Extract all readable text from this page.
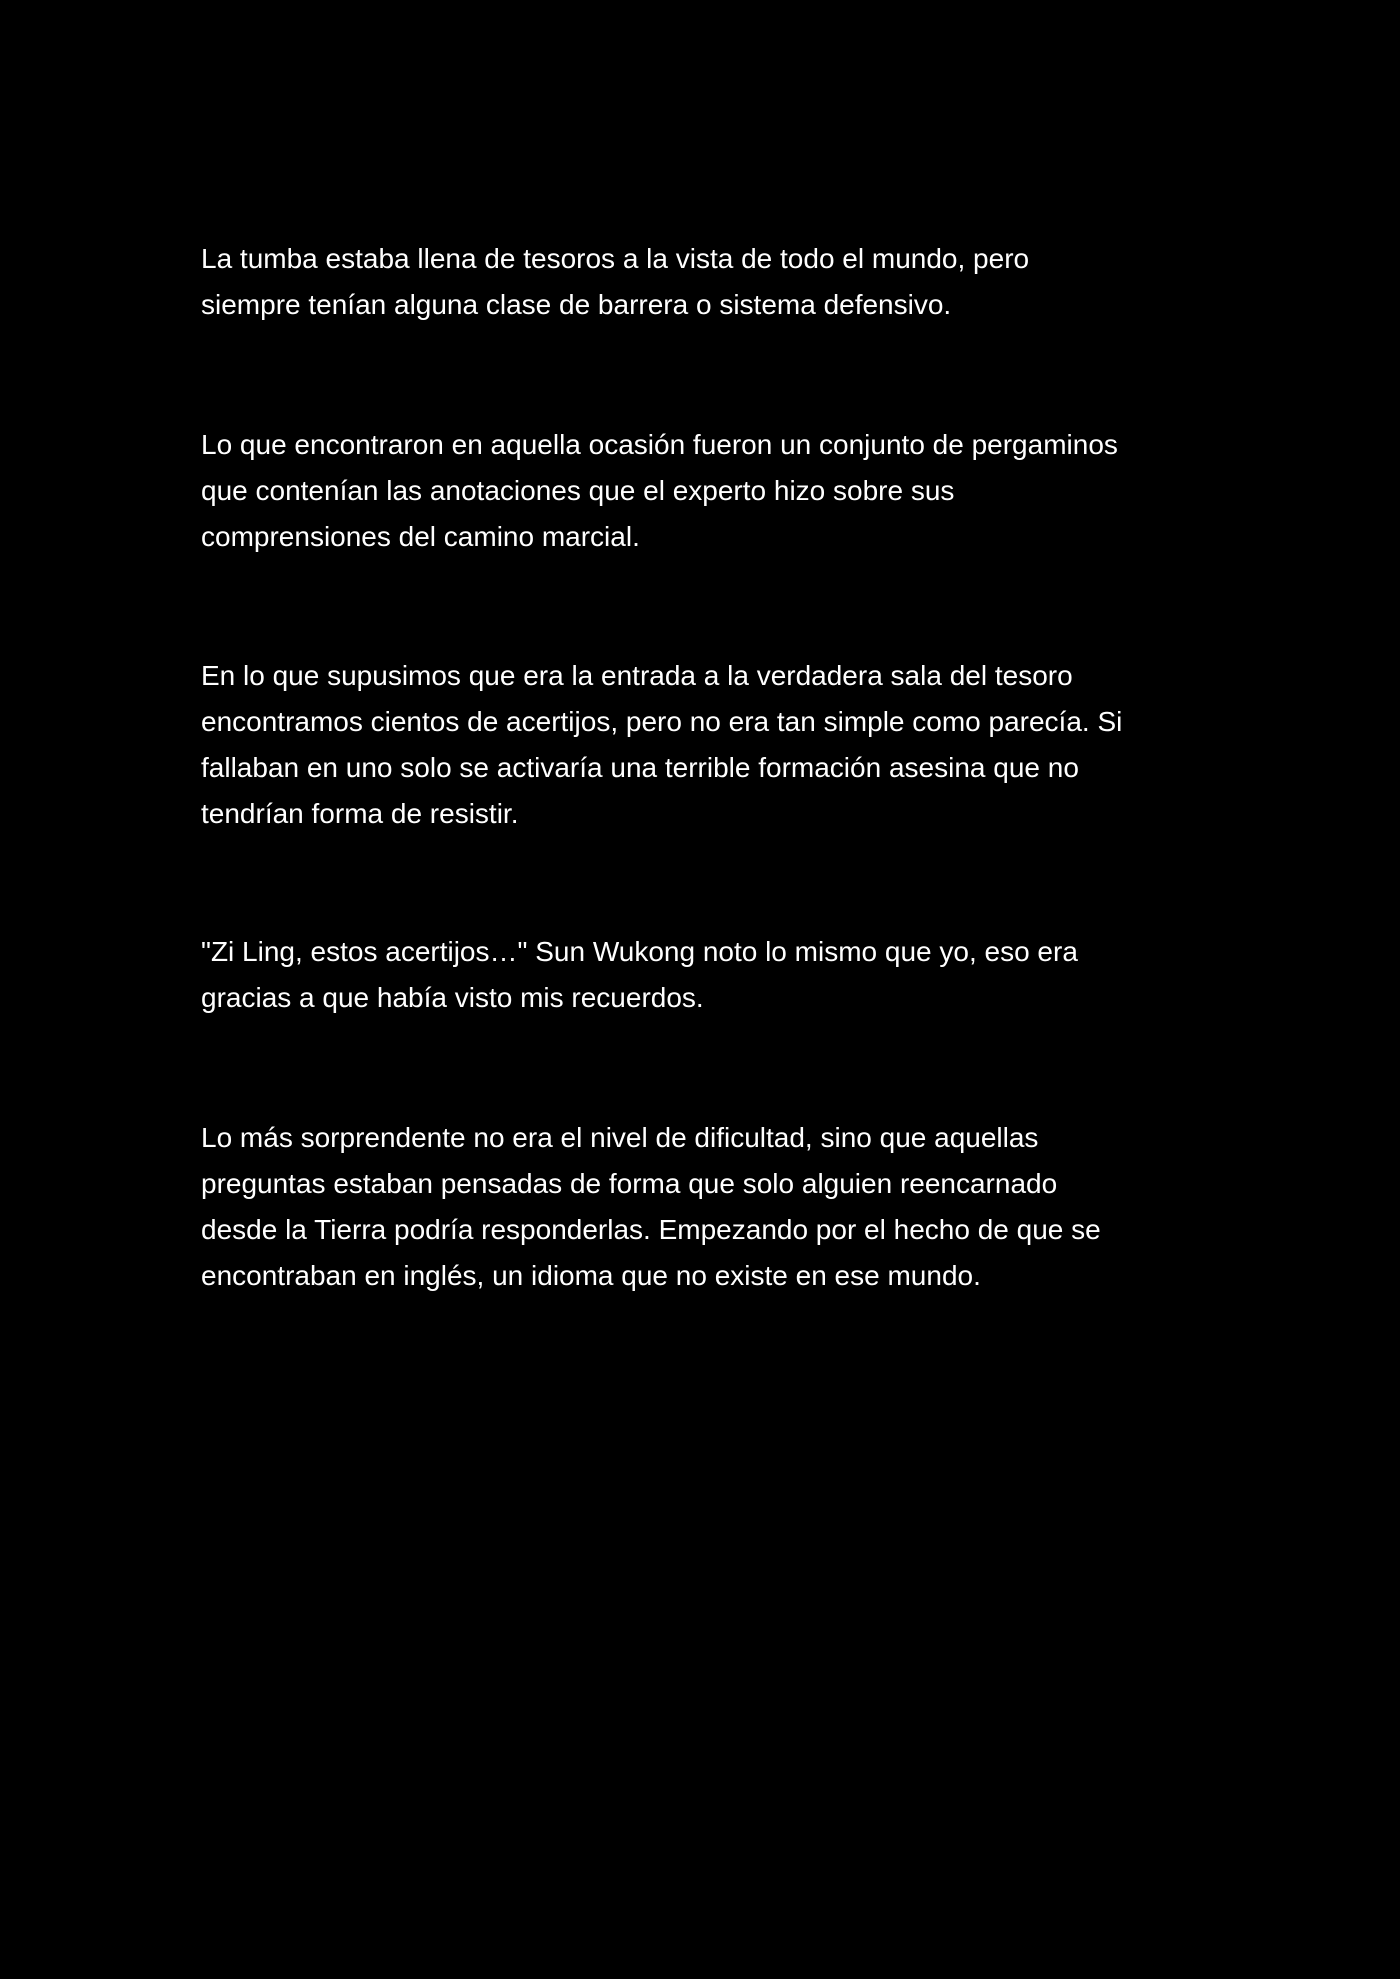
La tumba estaba llena de tesoros a la vista de todo el mundo, pero
siempre tenían alguna clase de barrera o sistema defensivo.

Lo que encontraron en aquella ocasión fueron un conjunto de pergaminos
que contenían las anotaciones que el experto hizo sobre sus
comprensiones del camino marcial.

En lo que supusimos que era la entrada a la verdadera sala del tesoro
encontramos cientos de acertijos, pero no era tan simple como parecía. Si
fallaban en uno solo se activaría una terrible formación asesina que no
tendrían forma de resistir.

"Zi Ling, estos acertijos…" Sun Wukong noto lo mismo que yo, eso era
gracias a que había visto mis recuerdos.

Lo más sorprendente no era el nivel de dificultad, sino que aquellas
preguntas estaban pensadas de forma que solo alguien reencarnado
desde la Tierra podría responderlas. Empezando por el hecho de que se
encontraban en inglés, un idioma que no existe en ese mundo.
